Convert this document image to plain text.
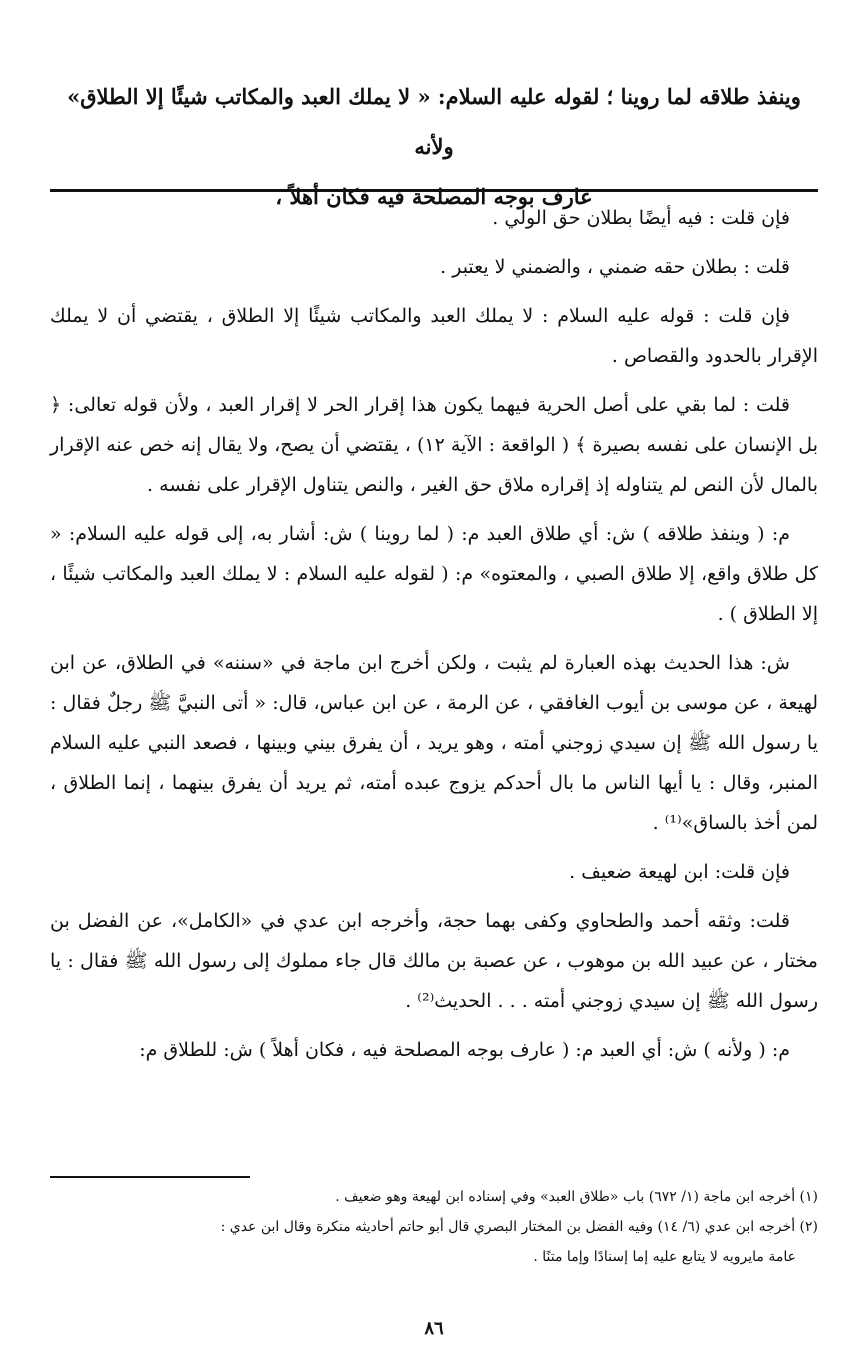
وينفذ طلاقه لما روينا ؛ لقوله عليه السلام: « لا يملك العبد والمكاتب شيئًا إلا الطلاق» ولأنه

عارف بوجه المصلحة فيه فكان أهلاً ،

فإن قلت : فيه أيضًا بطلان حق الولي .

قلت : بطلان حقه ضمني ، والضمني لا يعتبر .

فإن قلت : قوله عليه السلام : لا يملك العبد والمكاتب شيئًا إلا الطلاق ، يقتضي أن لا يملك الإقرار بالحدود والقصاص .

قلت : لما بقي على أصل الحرية فيهما يكون هذا إقرار الحر لا إقرار العبد ، ولأن قوله تعالى: ﴿ بل الإنسان على نفسه بصيرة ﴾ ( الواقعة : الآية ١٢) ، يقتضي أن يصح، ولا يقال إنه خص عنه الإقرار بالمال لأن النص لم يتناوله إذ إقراره ملاق حق الغير ، والنص يتناول الإقرار على نفسه .

م: ( وينفذ طلاقه ) ش: أي طلاق العبد م: ( لما روينا ) ش: أشار به، إلى قوله عليه السلام: « كل طلاق واقع، إلا طلاق الصبي ، والمعتوه» م: ( لقوله عليه السلام : لا يملك العبد والمكاتب شيئًا ، إلا الطلاق ) .

ش: هذا الحديث بهذه العبارة لم يثبت ، ولكن أخرج ابن ماجة في «سننه» في الطلاق، عن ابن لهيعة ، عن موسى بن أيوب الغافقي ، عن الرمة ، عن ابن عباس، قال: « أتى النبيَّ ﷺ رجلٌ فقال : يا رسول الله ﷺ إن سيدي زوجني أمته ، وهو يريد ، أن يفرق بيني وبينها ، فصعد النبي عليه السلام المنبر، وقال : يا أيها الناس ما بال أحدكم يزوج عبده أمته، ثم يريد أن يفرق بينهما ، إنما الطلاق ، لمن أخذ بالساق»⁽¹⁾ .

فإن قلت: ابن لهيعة ضعيف .

قلت: وثقه أحمد والطحاوي وكفى بهما حجة، وأخرجه ابن عدي في «الكامل»، عن الفضل بن مختار ، عن عبيد الله بن موهوب ، عن عصبة بن مالك قال جاء مملوك إلى رسول الله ﷺ فقال : يا رسول الله ﷺ إن سيدي زوجني أمته . . . الحديث⁽²⁾ .

م: ( ولأنه ) ش: أي العبد م: ( عارف بوجه المصلحة فيه ، فكان أهلاً ) ش: للطلاق م:

(١) أخرجه ابن ماجة (١/ ٦٧٢) باب «طلاق العبد» وفي إسناده ابن لهيعة وهو ضعيف .

(٢) أخرجه ابن عدي (٦/ ١٤) وفيه الفضل بن المختار البصري قال أبو حاتم أحاديثه منكرة وقال ابن عدي :

عامة مايرويه لا يتابع عليه إما إسنادًا وإما متنًا .

٨٦
